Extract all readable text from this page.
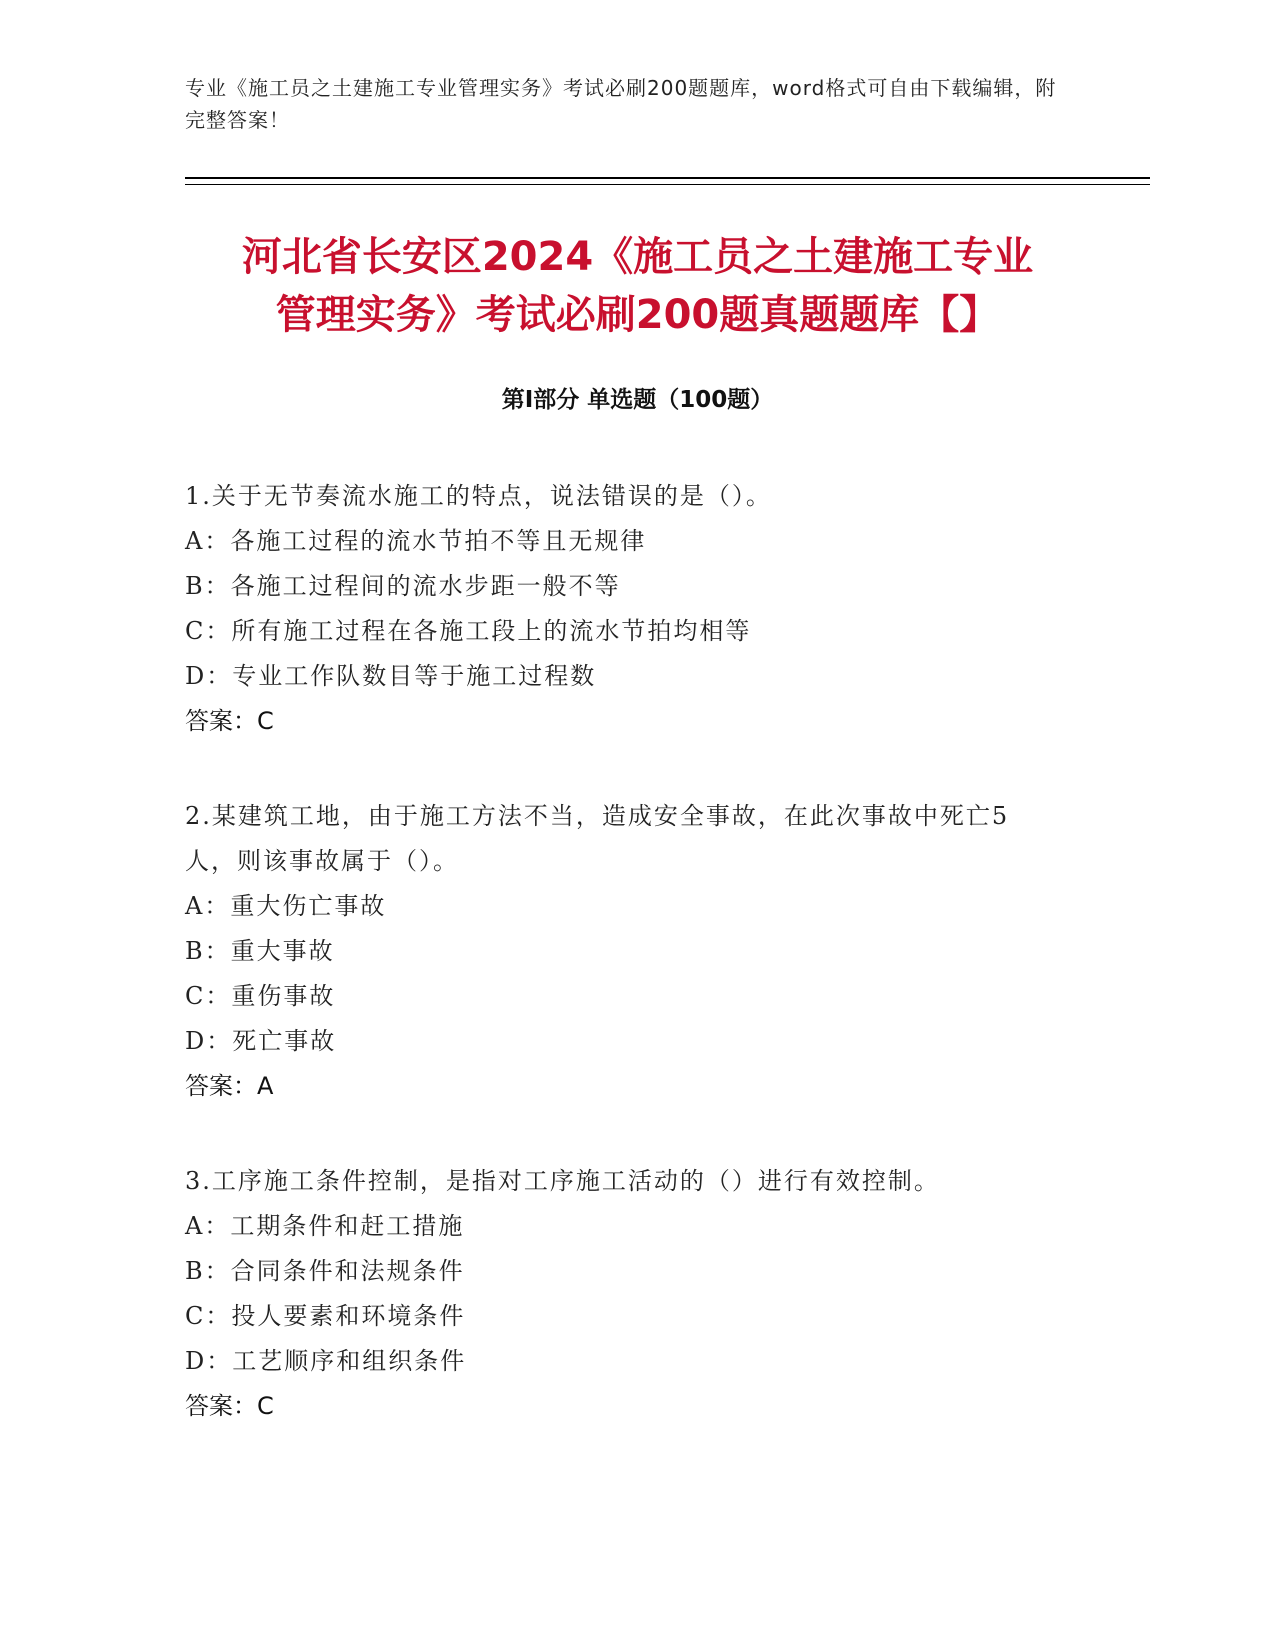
专业《施工员之土建施工专业管理实务》考试必刷200题题库，word格式可自由下载编辑，附完整答案！
河北省长安区2024《施工员之土建施工专业
管理实务》考试必刷200题真题题库【】
第Ⅰ部分 单选题（100题）
1.关于无节奏流水施工的特点，说法错误的是（）。
A：各施工过程的流水节拍不等且无规律
B：各施工过程间的流水步距一般不等
C：所有施工过程在各施工段上的流水节拍均相等
D：专业工作队数目等于施工过程数
答案：C
2.某建筑工地，由于施工方法不当，造成安全事故，在此次事故中死亡5人，则该事故属于（）。
A：重大伤亡事故
B：重大事故
C：重伤事故
D：死亡事故
答案：A
3.工序施工条件控制，是指对工序施工活动的（）进行有效控制。
A：工期条件和赶工措施
B：合同条件和法规条件
C：投人要素和环境条件
D：工艺顺序和组织条件
答案：C
